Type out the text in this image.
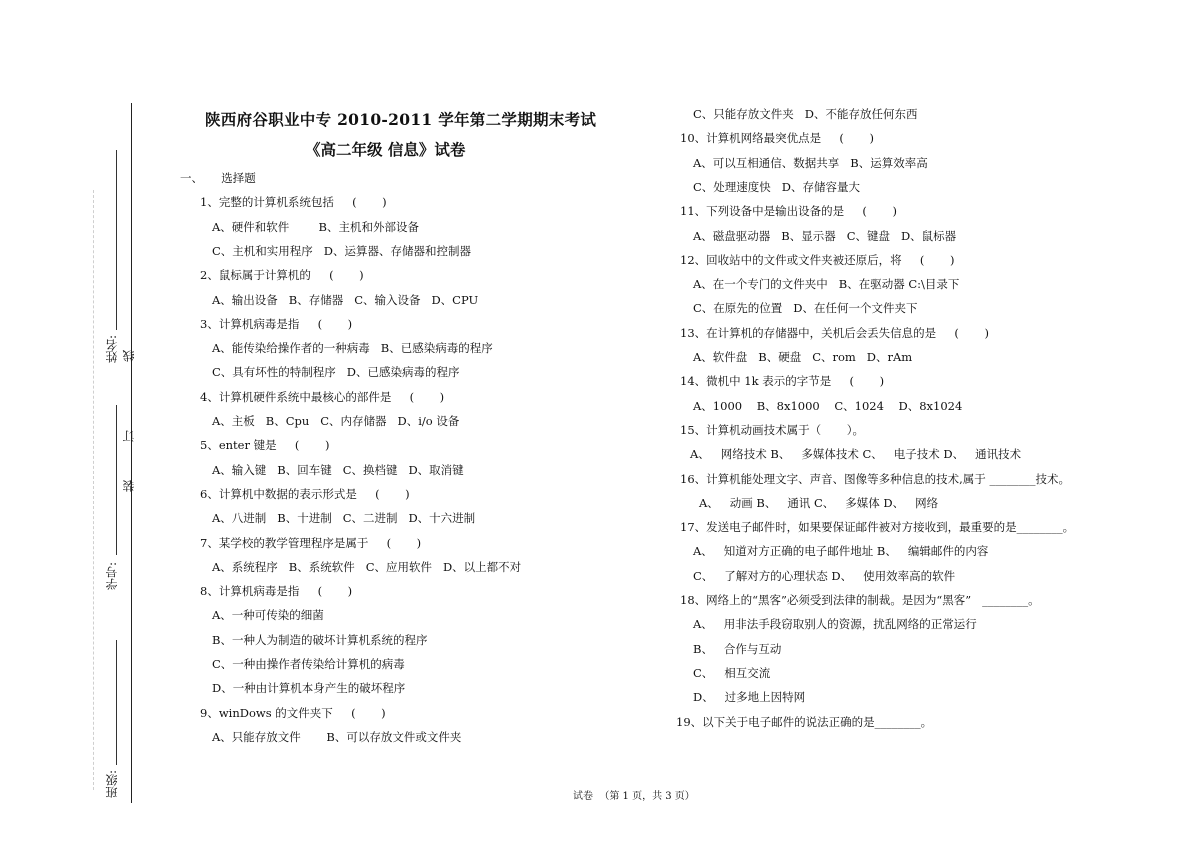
姓名:
学号:
班级:
线
订
装
陕西府谷职业中专 2010-2011 学年第二学期期末考试
《高二年级 信息》试卷
一、     选择题
1、完整的计算机系统包括     (       )
A、硬件和软件        B、主机和外部设备
C、主机和实用程序   D、运算器、存储器和控制器
2、鼠标属于计算机的     (       )
A、输出设备   B、存储器   C、输入设备   D、CPU
3、计算机病毒是指     (       )
A、能传染给操作者的一种病毒   B、已感染病毒的程序
C、具有坏性的特制程序   D、已感染病毒的程序
4、计算机硬件系统中最核心的部件是     (       )
A、主板   B、Cpu   C、内存储器   D、i/o 设备
5、enter 键是     (       )
A、输入键   B、回车键   C、换档键   D、取消键
6、计算机中数据的表示形式是     (       )
A、八进制   B、十进制   C、二进制   D、十六进制
7、某学校的教学管理程序是属于     (       )
A、系统程序   B、系统软件   C、应用软件   D、以上都不对
8、计算机病毒是指     (       )
A、一种可传染的细菌
B、一种人为制造的破坏计算机系统的程序
C、一种由操作者传染给计算机的病毒
D、一种由计算机本身产生的破坏程序
9、winDows 的文件夹下     (       )
A、只能存放文件       B、可以存放文件或文件夹
C、只能存放文件夹   D、不能存放任何东西
10、计算机网络最突优点是     (       )
A、可以互相通信、数据共享   B、运算效率高
C、处理速度快   D、存储容量大
11、下列设备中是输出设备的是     (       )
A、磁盘驱动器   B、显示器   C、键盘   D、鼠标器
12、回收站中的文件或文件夹被还原后，将     (       )
A、在一个专门的文件夹中   B、在驱动器 C:\目录下
C、在原先的位置   D、在任何一个文件夹下
13、在计算机的存储器中，关机后会丢失信息的是     (       )
A、软件盘   B、硬盘   C、rom   D、rAm
14、微机中 1k 表示的字节是     (       )
A、1000    B、8x1000    C、1024    D、8x1024
15、计算机动画技术属于（       ）。
A、   网络技术 B、   多媒体技术 C、   电子技术 D、   通讯技术
16、计算机能处理文字、声音、图像等多种信息的技术,属于 ________技术。
A、   动画 B、   通讯 C、   多媒体 D、   网络
17、发送电子邮件时，如果要保证邮件被对方接收到，最重要的是________。
A、   知道对方正确的电子邮件地址 B、   编辑邮件的内容
C、   了解对方的心理状态 D、   使用效率高的软件
18、网络上的“黑客”必须受到法律的制裁。是因为“黑客”   ________。
A、   用非法手段窃取别人的资源，扰乱网络的正常运行
B、   合作与互动
C、   相互交流
D、   过多地上因特网
19、以下关于电子邮件的说法正确的是________。
试卷  （第 1 页，共 3 页）
